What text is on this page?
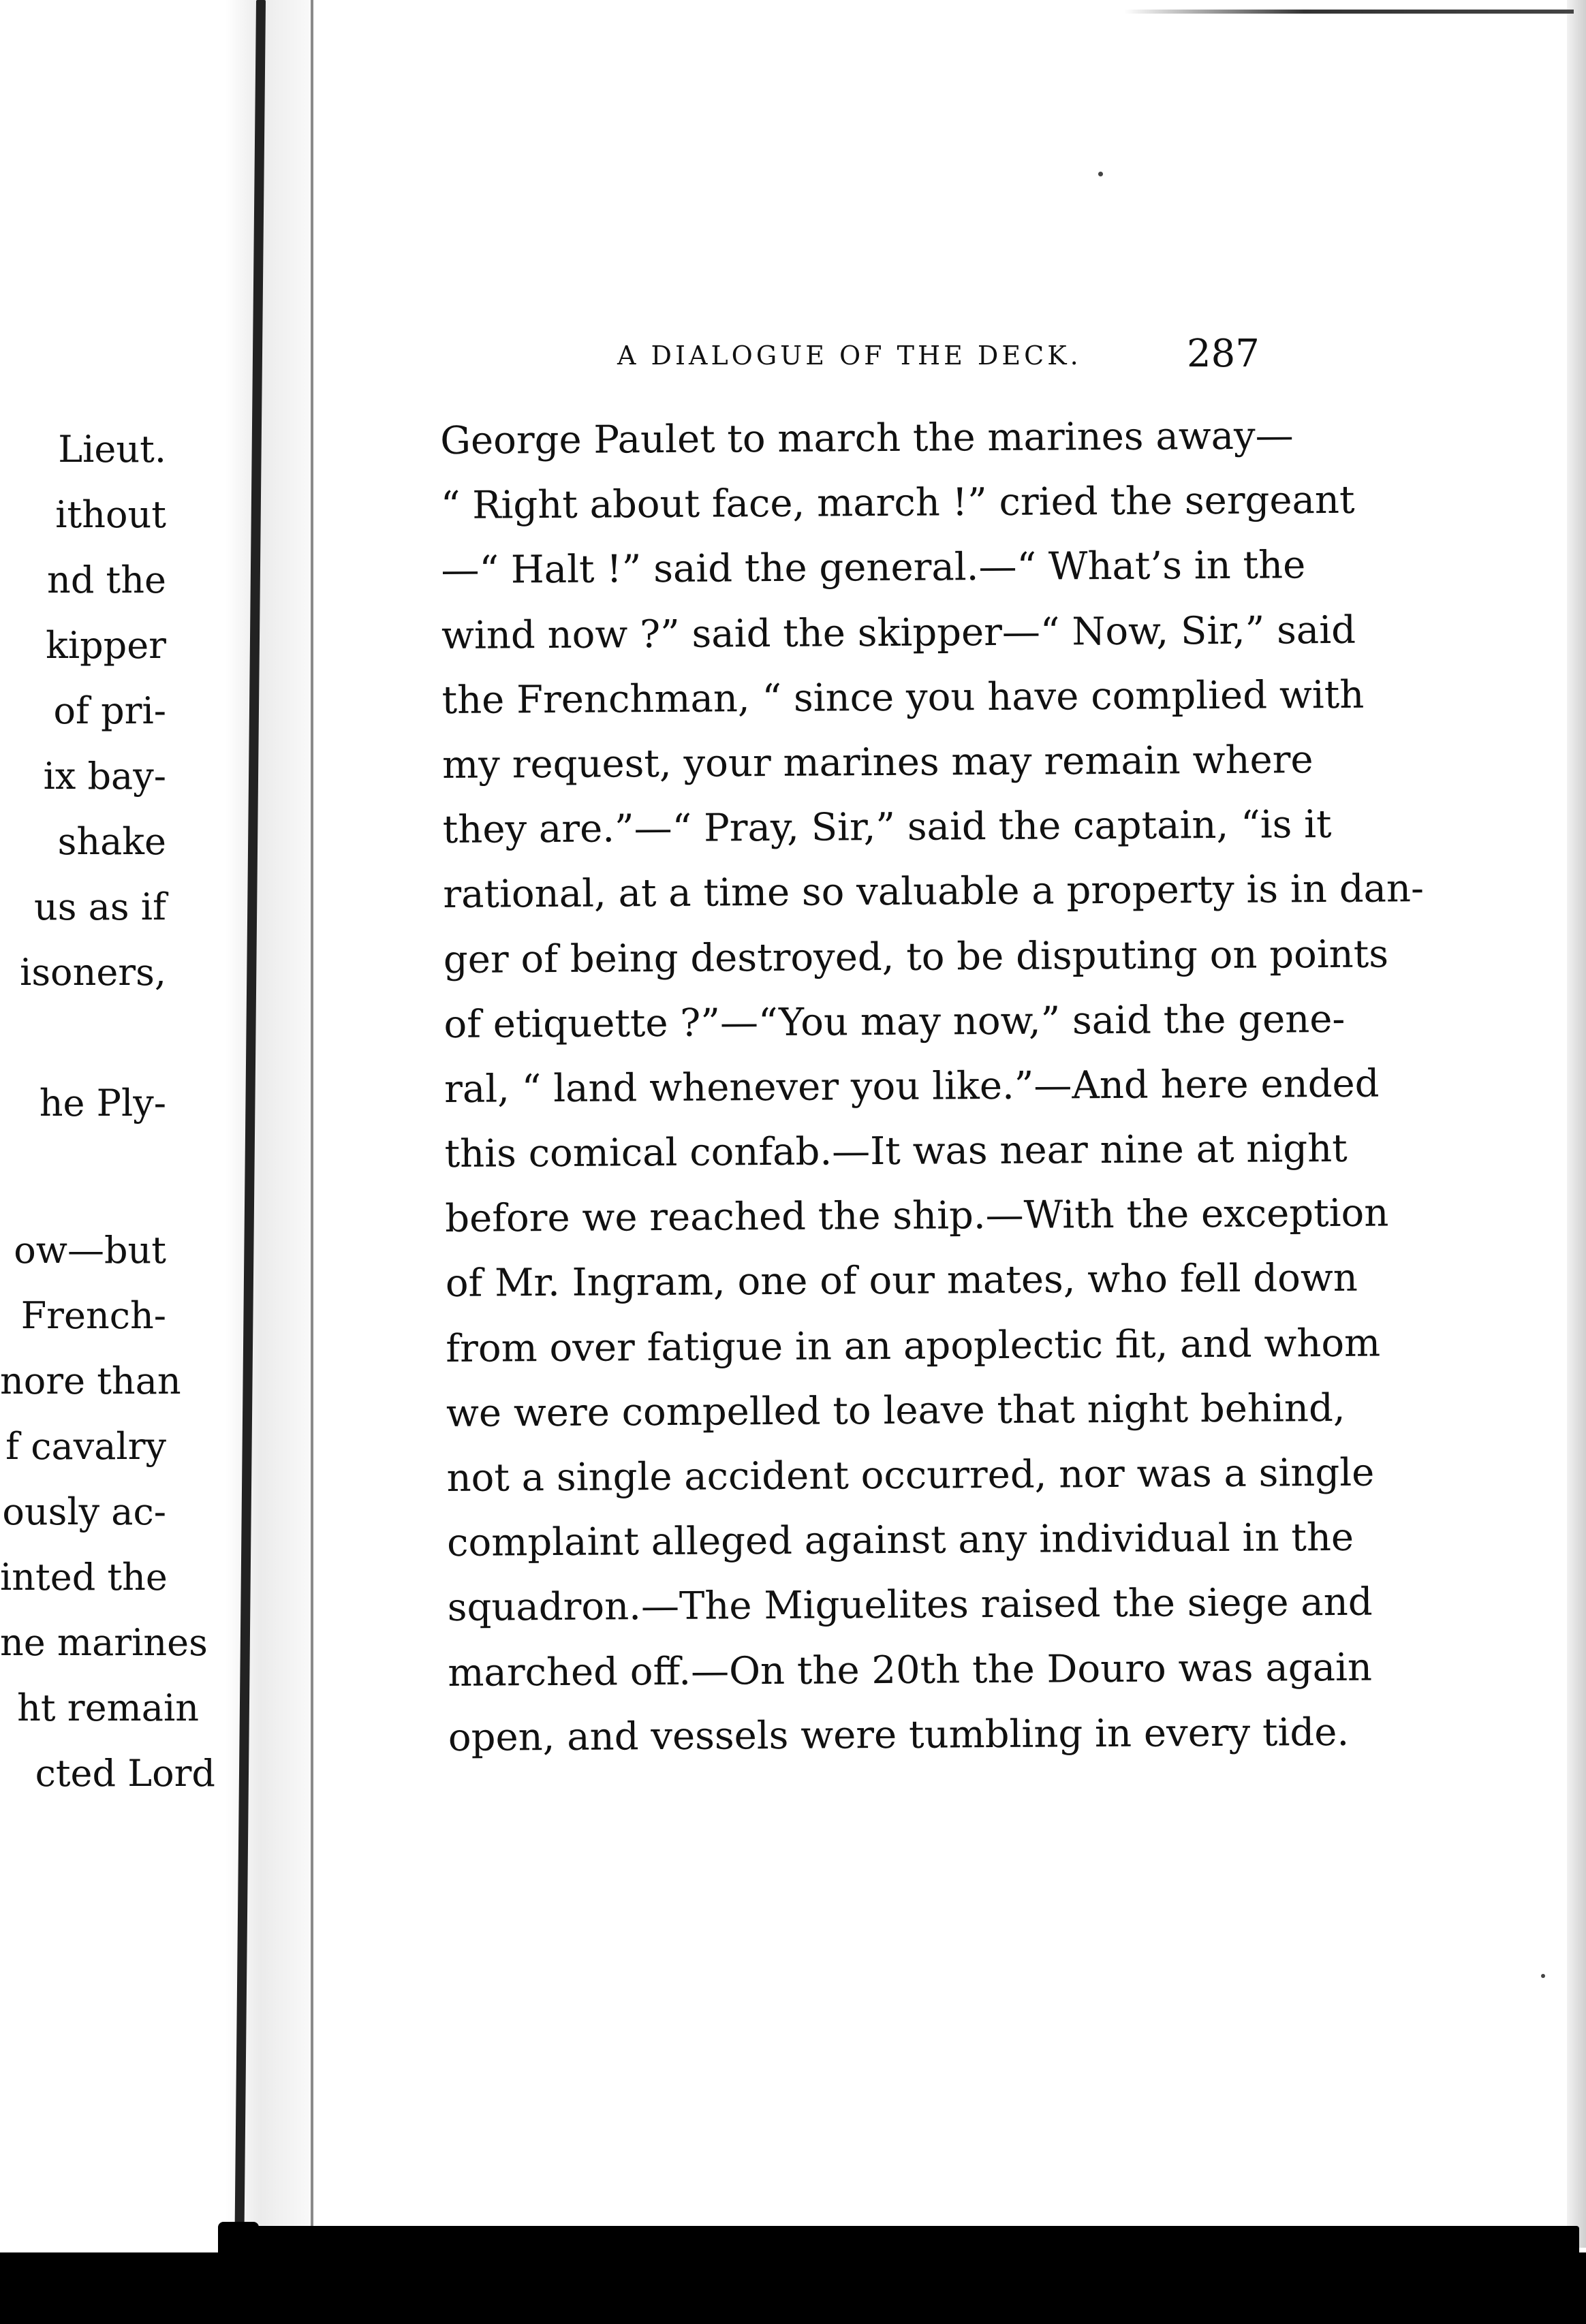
Lieut.
ithout
nd the
kipper
of pri-
ix bay-
shake
us as if
isoners,
he Ply-
ow—but
French-
nore than
f cavalry
ously ac-
inted the
ne marines
ht remain
cted Lord
A DIALOGUE OF THE DECK.	287
George Paulet to march the marines away—
“ Right about face, march !” cried the sergeant
—“ Halt !” said the general.—“ What’s in the
wind now ?” said the skipper—“ Now, Sir,” said
the Frenchman, “ since you have complied with
my request, your marines may remain where
they are.”—“ Pray, Sir,” said the captain, “is it
rational, at a time so valuable a property is in dan-
ger of being destroyed, to be disputing on points
of etiquette ?”—“You may now,” said the gene-
ral, “ land whenever you like.”—And here ended
this comical confab.—It was near nine at night
before we reached the ship.—With the exception
of Mr. Ingram, one of our mates, who fell down
from over fatigue in an apoplectic fit, and whom
we were compelled to leave that night behind,
not a single accident occurred, nor was a single
complaint alleged against any individual in the
squadron.—The Miguelites raised the siege and
marched off.—On the 20th the Douro was again
open, and vessels were tumbling in every tide.
